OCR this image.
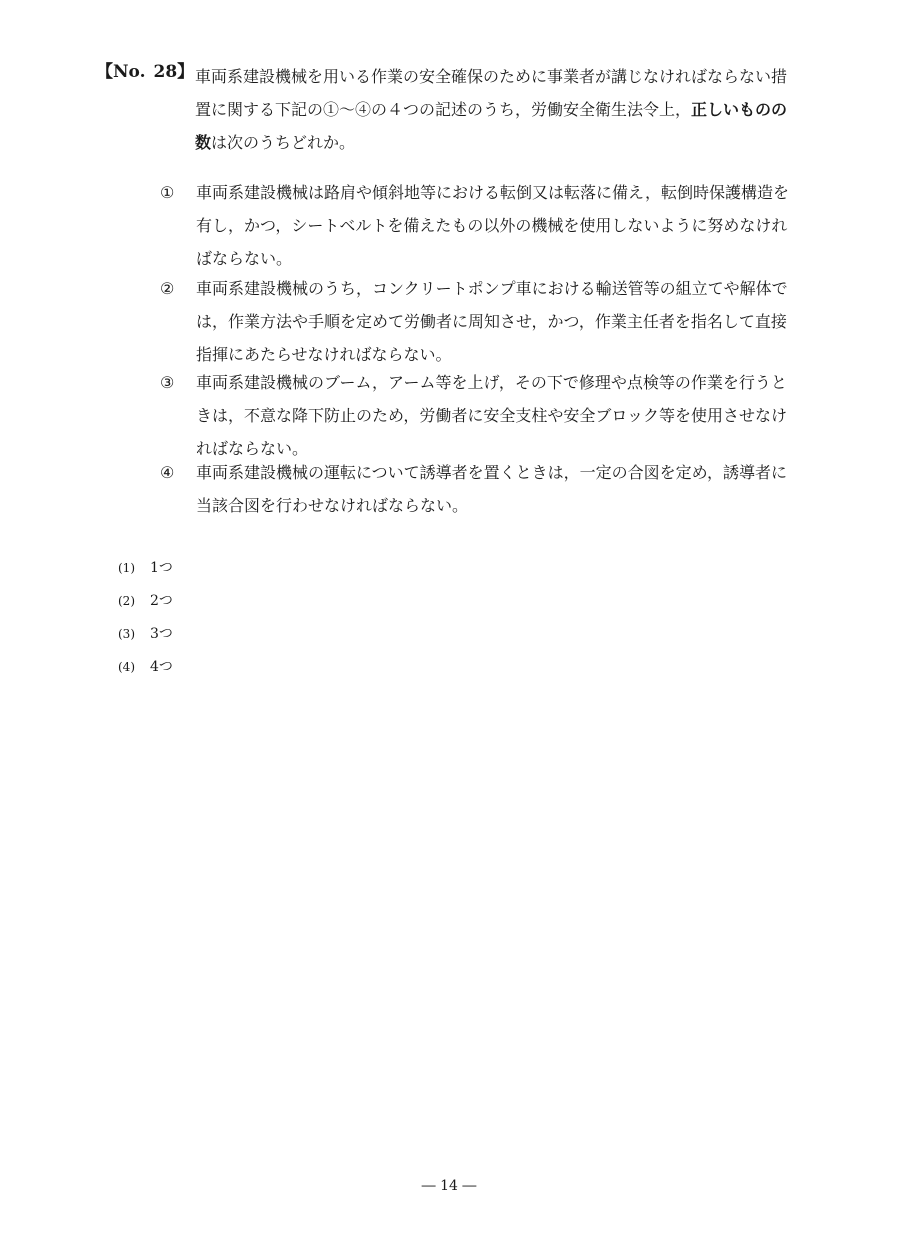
【No. 28】 車両系建設機械を用いる作業の安全確保のために事業者が講じなければならない措置に関する下記の①～④の４つの記述のうち，労働安全衛生法令上，正しいものの数は次のうちどれか。
①	車両系建設機械は路肩や傾斜地等における転倒又は転落に備え，転倒時保護構造を有し，かつ，シートベルトを備えたもの以外の機械を使用しないように努めなければならない。
②	車両系建設機械のうち，コンクリートポンプ車における輸送管等の組立てや解体では，作業方法や手順を定めて労働者に周知させ，かつ，作業主任者を指名して直接指揮にあたらせなければならない。
③	車両系建設機械のブーム，アーム等を上げ，その下で修理や点検等の作業を行うときは，不意な降下防止のため，労働者に安全支柱や安全ブロック等を使用させなければならない。
④	車両系建設機械の運転について誘導者を置くときは，一定の合図を定め，誘導者に当該合図を行わせなければならない。
(1) 1つ
(2) 2つ
(3) 3つ
(4) 4つ
― 14 ―
